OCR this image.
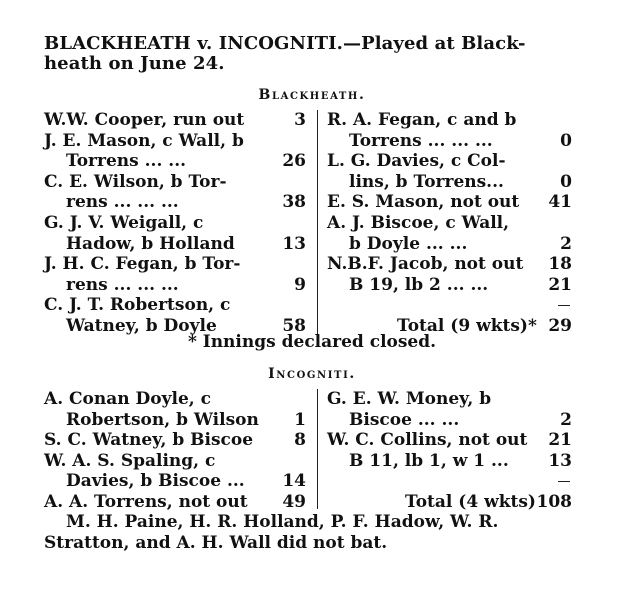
BLACKHEATH v. INCOGNITI.—Played at Black-
heath on June 24.
Blackheath.
W.W. Cooper, run out	3
J. E. Mason, c Wall, b
Torrens ... ...	26
C. E. Wilson, b Tor-
rens ... ... ...	38
G. J. V. Weigall, c
Hadow, b Holland	13
J. H. C. Fegan, b Tor-
rens ... ... ...	9
C. J. T. Robertson, c
Watney, b Doyle	58
R. A. Fegan, c and b
Torrens ... ... ...	0
L. G. Davies, c Col-
lins, b Torrens...	0
E. S. Mason, not out	41
A. J. Biscoe, c Wall,
b Doyle ... ...	2
N.B.F. Jacob, not out	18
B 19, lb 2 ... ...	21
Total (9 wkts)* 29
* Innings declared closed.
Incogniti.
A. Conan Doyle, c
Robertson, b Wilson	1
S. C. Watney, b Biscoe	8
W. A. S. Spaling, c
Davies, b Biscoe ...	14
A. A. Torrens, not out	49
G. E. W. Money, b
Biscoe ... ...	2
W. C. Collins, not out	21
B 11, lb 1, w 1 ...	13
Total (4 wkts) 108
M. H. Paine, H. R. Holland, P. F. Hadow, W. R.
Stratton, and A. H. Wall did not bat.
